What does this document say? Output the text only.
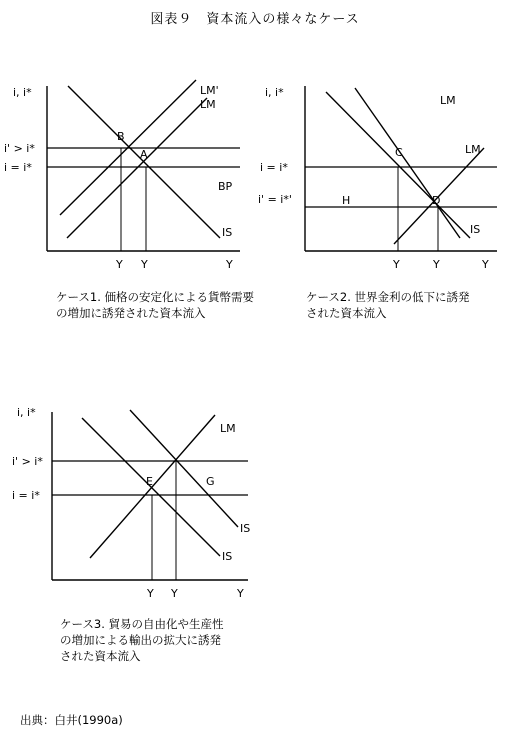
図表９　資本流入の様々なケース
i, i*
i' > i*
i = i*
LM'
LM
BP
IS
B
A
Y Y	Y
i, i*
i = i*
i' = i*'
LM
LM
IS
C
H	D
Y	Y	Y
i, i*
i' > i*
i = i*
LM
IS
IS
E	G
Y Y	Y
ケース1. 価格の安定化による貨幣需要
の増加に誘発された資本流入
ケース2. 世界金利の低下に誘発
された資本流入
ケース3. 貿易の自由化や生産性
の増加による輸出の拡大に誘発
された資本流入
出典：白井(1990a)
